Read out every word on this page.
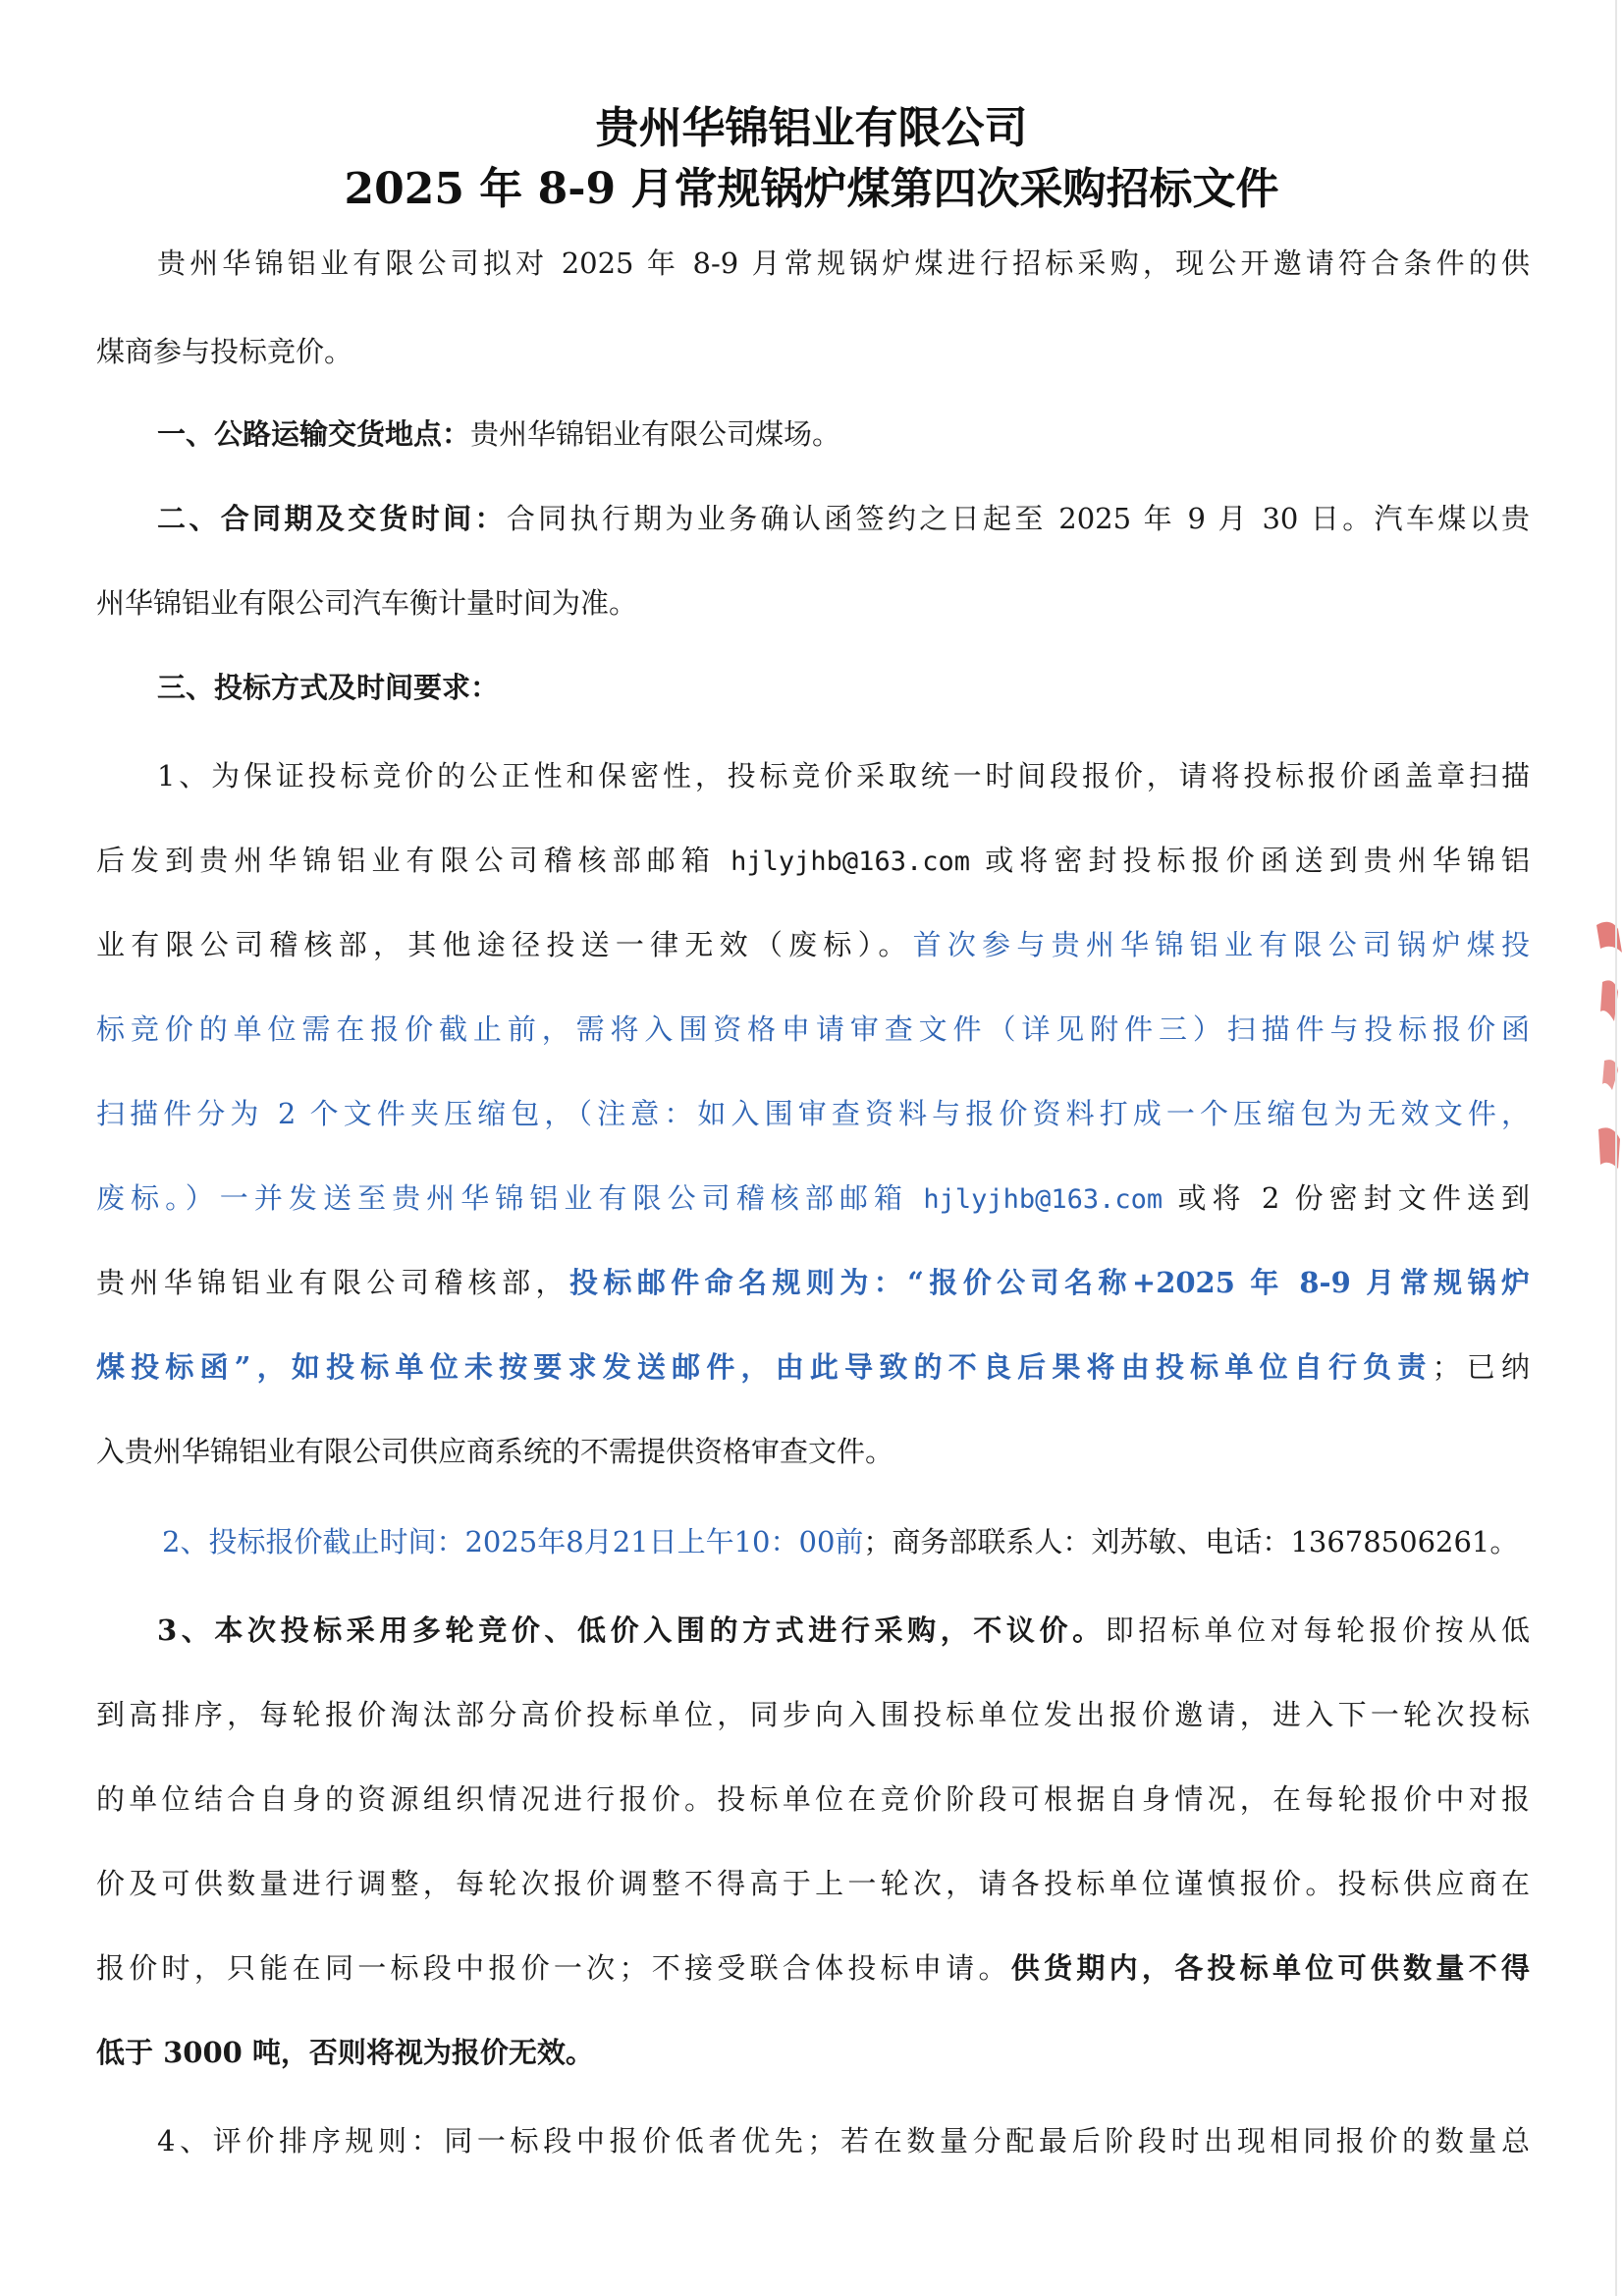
贵州华锦铝业有限公司
2025 年 8-9 月常规锅炉煤第四次采购招标文件
贵州华锦铝业有限公司拟对 2025 年 8-9 月常规锅炉煤进行招标采购，现公开邀请符合条件的供
煤商参与投标竞价。
一、公路运输交货地点：贵州华锦铝业有限公司煤场。
二、合同期及交货时间：合同执行期为业务确认函签约之日起至 2025 年 9 月 30 日。汽车煤以贵
州华锦铝业有限公司汽车衡计量时间为准。
三、投标方式及时间要求：
1、为保证投标竞价的公正性和保密性，投标竞价采取统一时间段报价，请将投标报价函盖章扫描
后发到贵州华锦铝业有限公司稽核部邮箱 hjlyjhb@163.com 或将密封投标报价函送到贵州华锦铝
业有限公司稽核部，其他途径投送一律无效（废标）。首次参与贵州华锦铝业有限公司锅炉煤投
标竞价的单位需在报价截止前，需将入围资格申请审查文件（详见附件三）扫描件与投标报价函
扫描件分为 2 个文件夹压缩包，（注意：如入围审查资料与报价资料打成一个压缩包为无效文件，
废标。）一并发送至贵州华锦铝业有限公司稽核部邮箱 hjlyjhb@163.com 或将 2 份密封文件送到
贵州华锦铝业有限公司稽核部，投标邮件命名规则为：“报价公司名称+2025 年 8-9 月常规锅炉
煤投标函”，如投标单位未按要求发送邮件，由此导致的不良后果将由投标单位自行负责；已纳
入贵州华锦铝业有限公司供应商系统的不需提供资格审查文件。
2、投标报价截止时间：2025年8月21日上午10：00前；商务部联系人：刘苏敏、电话：13678506261。
3、本次投标采用多轮竞价、低价入围的方式进行采购，不议价。即招标单位对每轮报价按从低
到高排序，每轮报价淘汰部分高价投标单位，同步向入围投标单位发出报价邀请，进入下一轮次投标
的单位结合自身的资源组织情况进行报价。投标单位在竞价阶段可根据自身情况，在每轮报价中对报
价及可供数量进行调整，每轮次报价调整不得高于上一轮次，请各投标单位谨慎报价。投标供应商在
报价时，只能在同一标段中报价一次；不接受联合体投标申请。供货期内，各投标单位可供数量不得
低于 3000 吨，否则将视为报价无效。
4、评价排序规则：同一标段中报价低者优先；若在数量分配最后阶段时出现相同报价的数量总
